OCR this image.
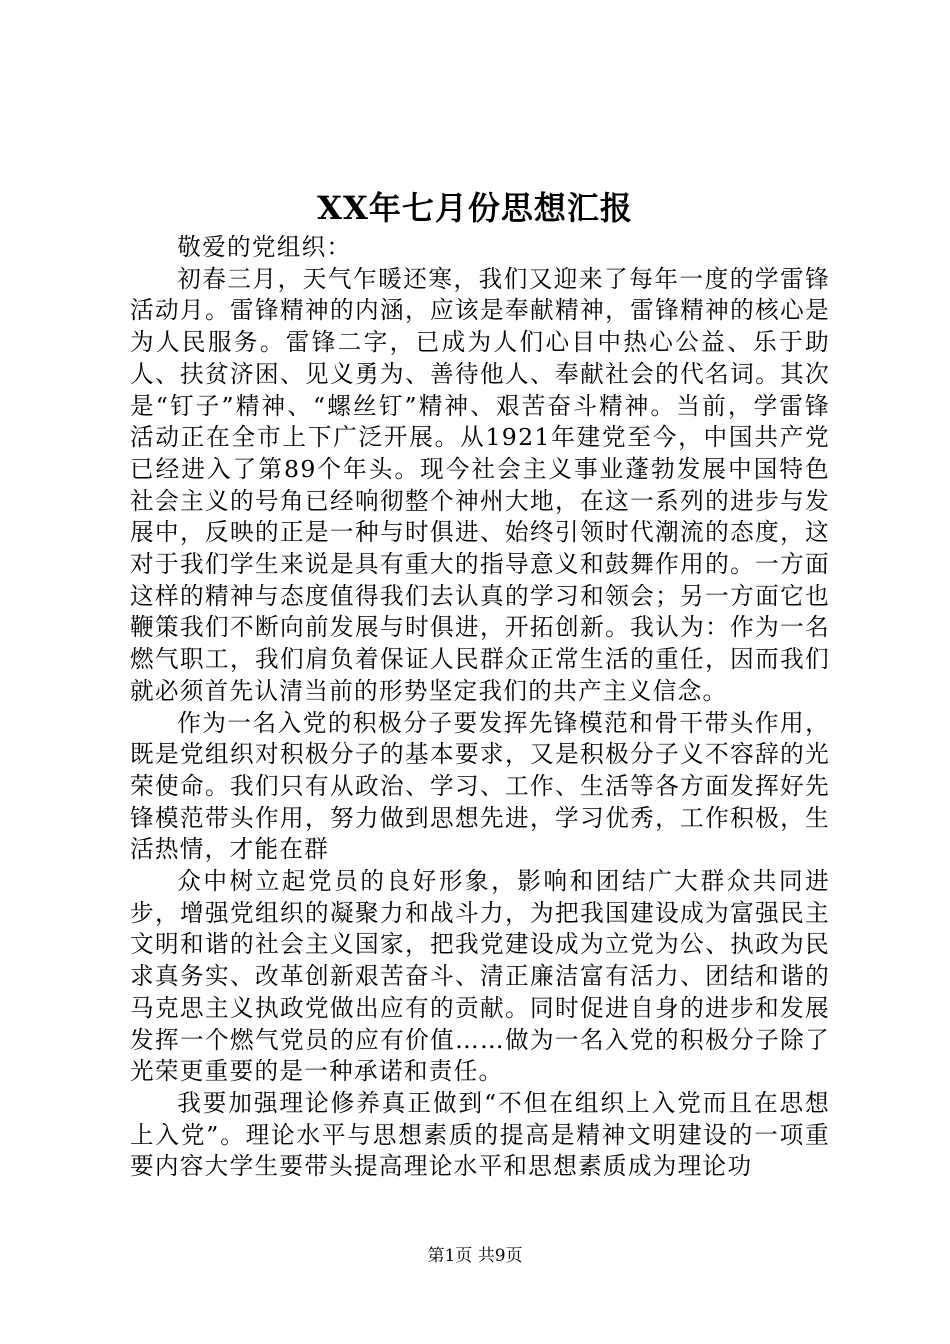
XX年七月份思想汇报

敬爱的党组织：

初春三月，天气乍暖还寒，我们又迎来了每年一度的学雷锋活动月。雷锋精神的内涵，应该是奉献精神，雷锋精神的核心是为人民服务。雷锋二字，已成为人们心目中热心公益、乐于助人、扶贫济困、见义勇为、善待他人、奉献社会的代名词。其次是“钉子”精神、“螺丝钉”精神、艰苦奋斗精神。当前，学雷锋活动正在全市上下广泛开展。从1921年建党至今，中国共产党已经进入了第89个年头。现今社会主义事业蓬勃发展中国特色社会主义的号角已经响彻整个神州大地，在这一系列的进步与发展中，反映的正是一种与时俱进、始终引领时代潮流的态度，这对于我们学生来说是具有重大的指导意义和鼓舞作用的。一方面这样的精神与态度值得我们去认真的学习和领会；另一方面它也鞭策我们不断向前发展与时俱进，开拓创新。我认为：作为一名燃气职工，我们肩负着保证人民群众正常生活的重任，因而我们就必须首先认清当前的形势坚定我们的共产主义信念。

作为一名入党的积极分子要发挥先锋模范和骨干带头作用，既是党组织对积极分子的基本要求，又是积极分子义不容辞的光荣使命。我们只有从政治、学习、工作、生活等各方面发挥好先锋模范带头作用，努力做到思想先进，学习优秀，工作积极，生活热情，才能在群

众中树立起党员的良好形象，影响和团结广大群众共同进步，增强党组织的凝聚力和战斗力，为把我国建设成为富强民主文明和谐的社会主义国家，把我党建设成为立党为公、执政为民求真务实、改革创新艰苦奋斗、清正廉洁富有活力、团结和谐的马克思主义执政党做出应有的贡献。同时促进自身的进步和发展发挥一个燃气党员的应有价值……做为一名入党的积极分子除了光荣更重要的是一种承诺和责任。

我要加强理论修养真正做到“不但在组织上入党而且在思想上入党”。理论水平与思想素质的提高是精神文明建设的一项重要内容大学生要带头提高理论水平和思想素质成为理论功

第1页 共9页
